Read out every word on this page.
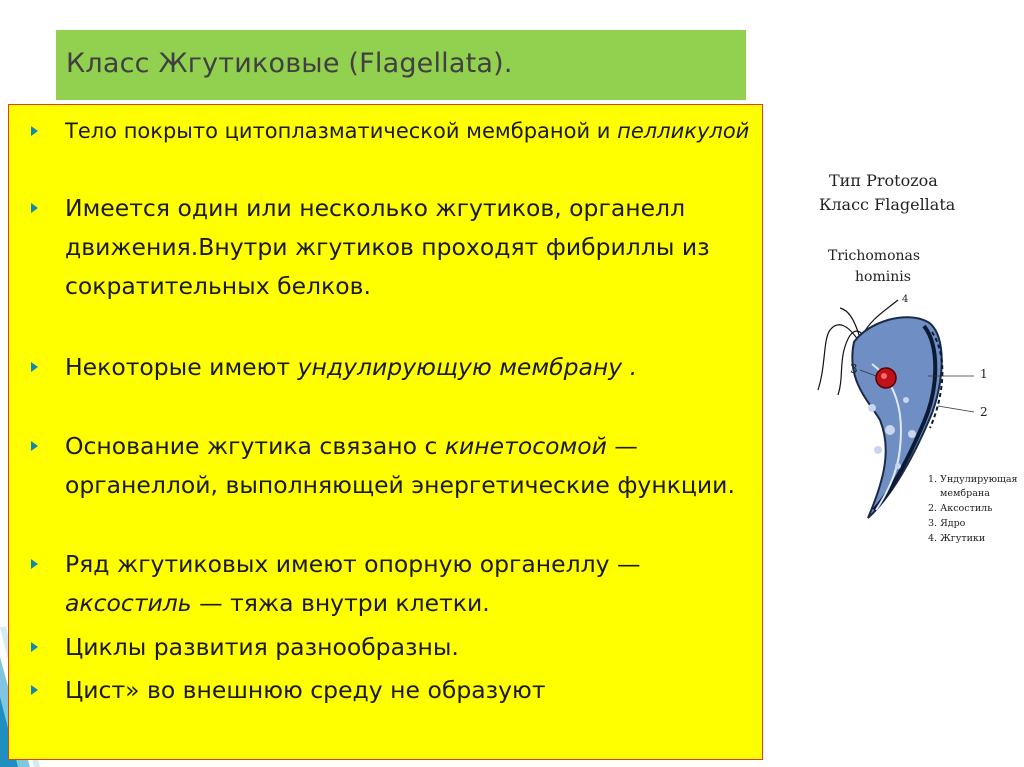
Класс Жгутиковые (Flagellata).
Тело покрыто цитоплазматической мембраной и пелликулой
Имеется один или несколько жгутиков, органелл движения.Внутри жгутиков проходят фибриллы из сократительных белков.
Некоторые имеют ундулирующую мембрану .
Основание жгутика связано с кинетосомой — органеллой, выполняющей энергетические функции.
Ряд жгутиковых имеют опорную органеллу — аксостиль — тяжа внутри клетки.
Циклы развития разнообразны.
Цист» во внешнюю среду не образуют
Тип Protozoa
Класс Flagellata
Trichomonas
hominis
1
2
3
4
1. Ундулирующая
мембрана
2. Аксостиль
3. Ядро
4. Жгутики
